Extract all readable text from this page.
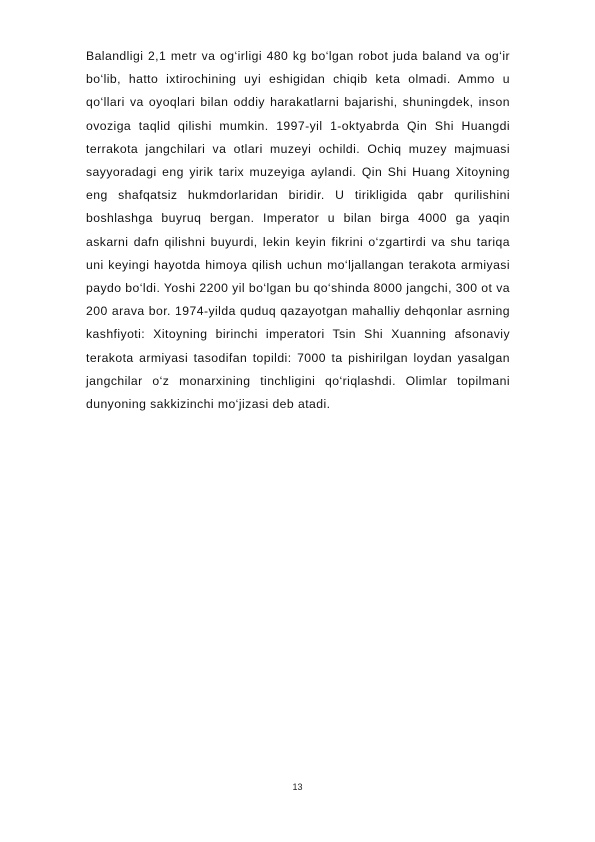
Balandligi 2,1 metr va og‘irligi 480 kg bo‘lgan robot juda baland va og‘ir bo‘lib, hatto ixtirochining uyi eshigidan chiqib keta olmadi. Ammo u qo‘llari va oyoqlari bilan oddiy harakatlarni bajarishi, shuningdek, inson ovoziga taqlid qilishi mumkin. 1997-yil 1-oktyabrda Qin Shi Huangdi terrakota jangchilari va otlari muzeyi ochildi. Ochiq muzey majmuasi sayyoradagi eng yirik tarix muzeyiga aylandi. Qin Shi Huang Xitoyning eng shafqatsiz hukmdorlaridan biridir. U tirikligida qabr qurilishini boshlashga buyruq bergan. Imperator u bilan birga 4000 ga yaqin askarni dafn qilishni buyurdi, lekin keyin fikrini o‘zgartirdi va shu tariqa uni keyingi hayotda himoya qilish uchun mo‘ljallangan terakota armiyasi paydo bo‘ldi. Yoshi 2200 yil bo‘lgan bu qo‘shinda 8000 jangchi, 300 ot va 200 arava bor. 1974-yilda quduq qazayotgan mahalliy dehqonlar asrning kashfiyoti: Xitoyning birinchi imperatori Tsin Shi Xuanning afsonaviy terakota armiyasi tasodifan topildi: 7000 ta pishirilgan loydan yasalgan jangchilar o‘z monarxining tinchligini qo‘riqlashdi. Olimlar topilmani dunyoning sakkizinchi mo‘jizasi deb atadi.

13
